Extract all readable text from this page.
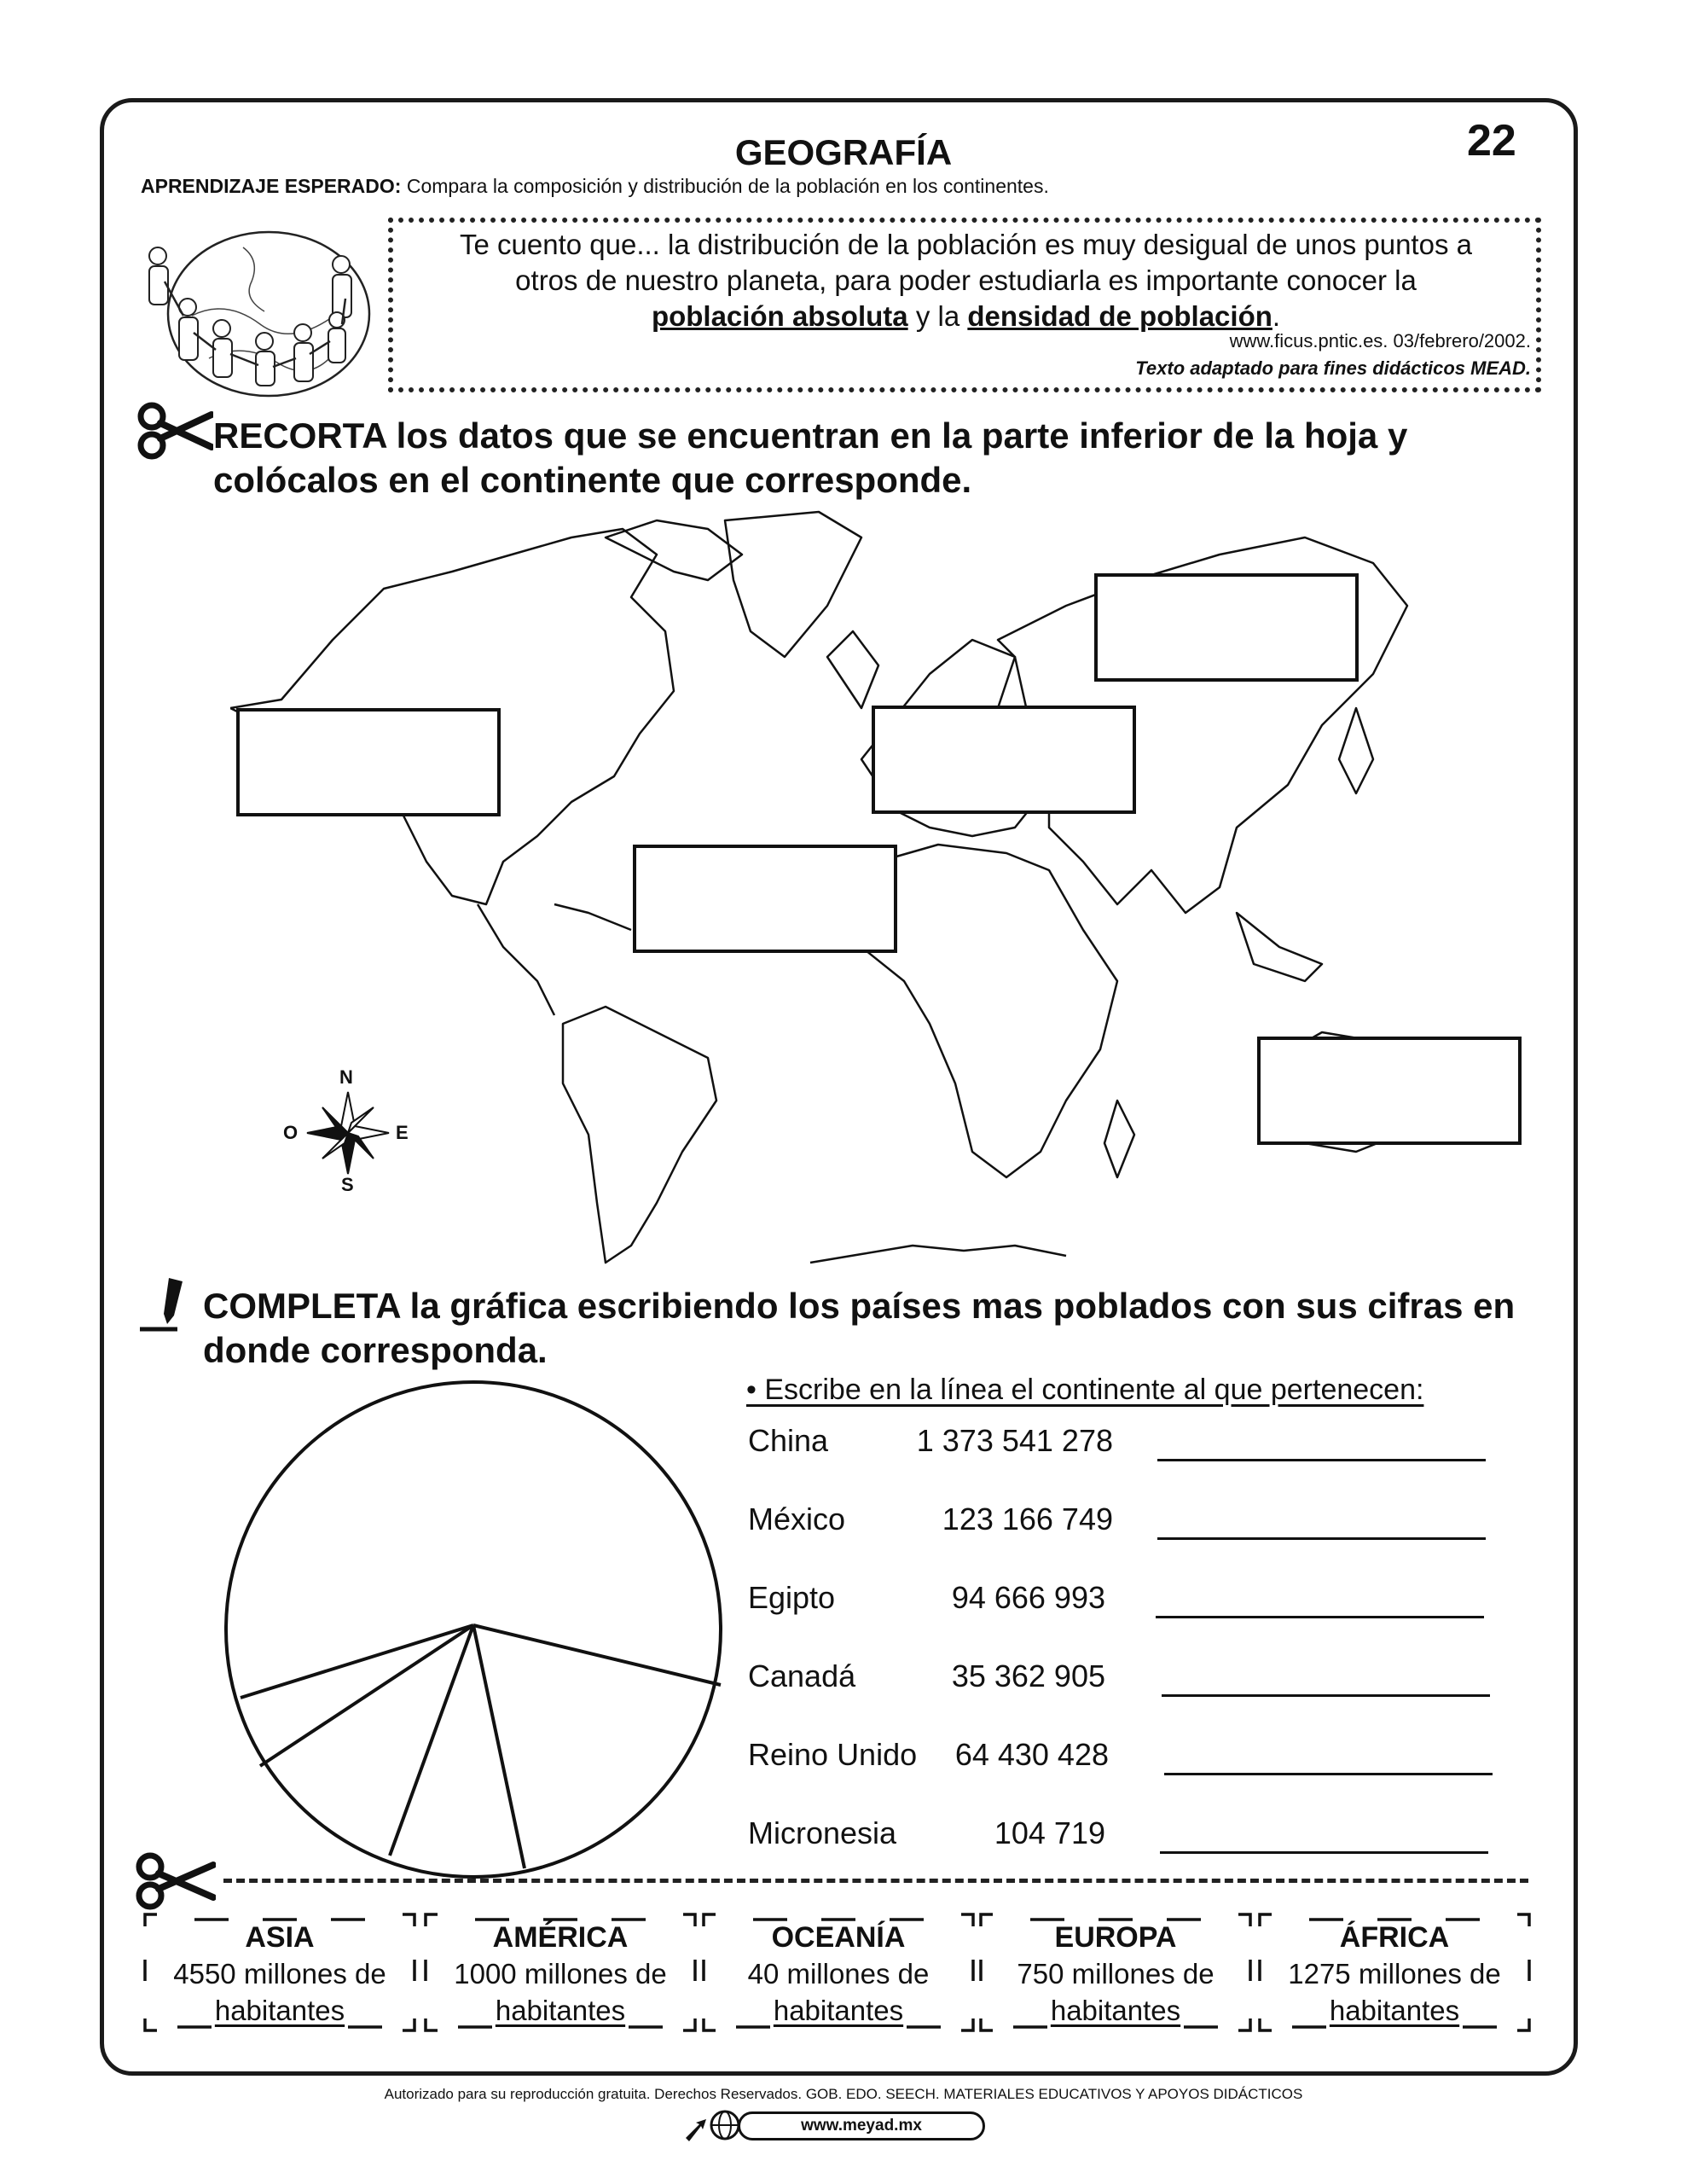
GEOGRAFÍA	22
APRENDIZAJE ESPERADO: Compara la composición y distribución de la población en los continentes.
Te cuento que... la distribución de la población es muy desigual de unos puntos a
otros de nuestro planeta, para poder estudiarla es importante conocer la
población absoluta y la densidad de población.
www.ficus.pntic.es. 03/febrero/2002.
Texto adaptado para fines didácticos MEAD.
RECORTA los datos que se encuentran en la parte inferior de la hoja y colócalos en el continente que corresponde.
N
S
O	E
COMPLETA la gráfica escribiendo los países mas poblados con sus cifras en donde corresponda.
• Escribe en la línea el continente al que pertenecen:
China	1 373 541 278
México	123 166 749
Egipto	94 666 993
Canadá	35 362 905
Reino Unido	64 430 428
Micronesia	104 719
ASIA
4550 millones de
habitantes
AMÉRICA
1000 millones de
habitantes
OCEANÍA
40 millones de
habitantes
EUROPA
750 millones de
habitantes
ÁFRICA
1275 millones de
habitantes
Autorizado para su reproducción gratuita. Derechos Reservados. GOB. EDO. SEECH. MATERIALES EDUCATIVOS Y APOYOS DIDÁCTICOS
www.meyad.mx
